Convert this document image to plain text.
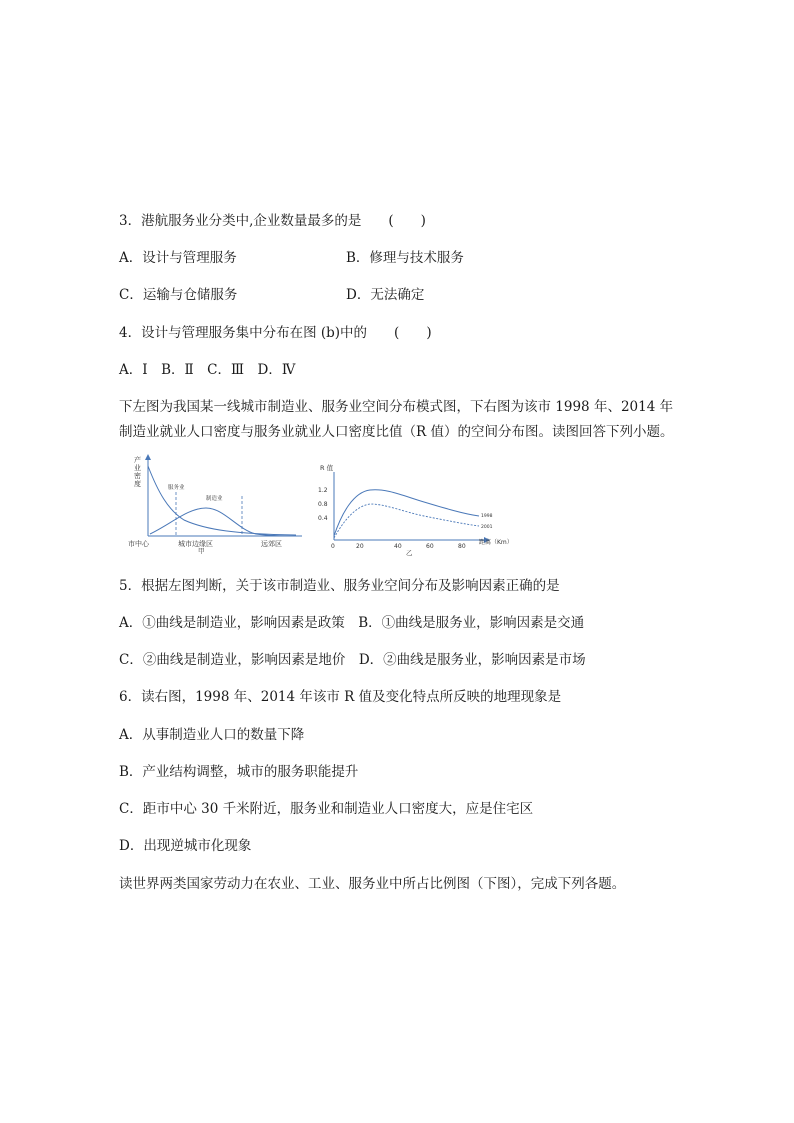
3．港航服务业分类中,企业数量最多的是　　(　　)
A．设计与管理服务	B．修理与技术服务
C．运输与仓储服务	D．无法确定
4．设计与管理服务集中分布在图 (b)中的　　(　　)
A．Ⅰ　B．Ⅱ　C．Ⅲ　D．Ⅳ
下左图为我国某一线城市制造业、服务业空间分布模式图，下右图为该市 1998 年、2014 年制造业就业人口密度与服务业就业人口密度比值（R 值）的空间分布图。读图回答下列小题。
产
业
密
度	服务业
制造业
市中心	城市边缘区	远郊区
甲
R 值
1.2
0.8
0.4
0	20	40	60	80
距离（Km）
1998
2001
乙
5．根据左图判断，关于该市制造业、服务业空间分布及影响因素正确的是
A．①曲线是制造业，影响因素是政策　B．①曲线是服务业，影响因素是交通
C．②曲线是制造业，影响因素是地价　D．②曲线是服务业，影响因素是市场
6．读右图，1998 年、2014 年该市 R 值及变化特点所反映的地理现象是
A．从事制造业人口的数量下降
B．产业结构调整，城市的服务职能提升
C．距市中心 30 千米附近，服务业和制造业人口密度大，应是住宅区
D．出现逆城市化现象
读世界两类国家劳动力在农业、工业、服务业中所占比例图（下图），完成下列各题。
